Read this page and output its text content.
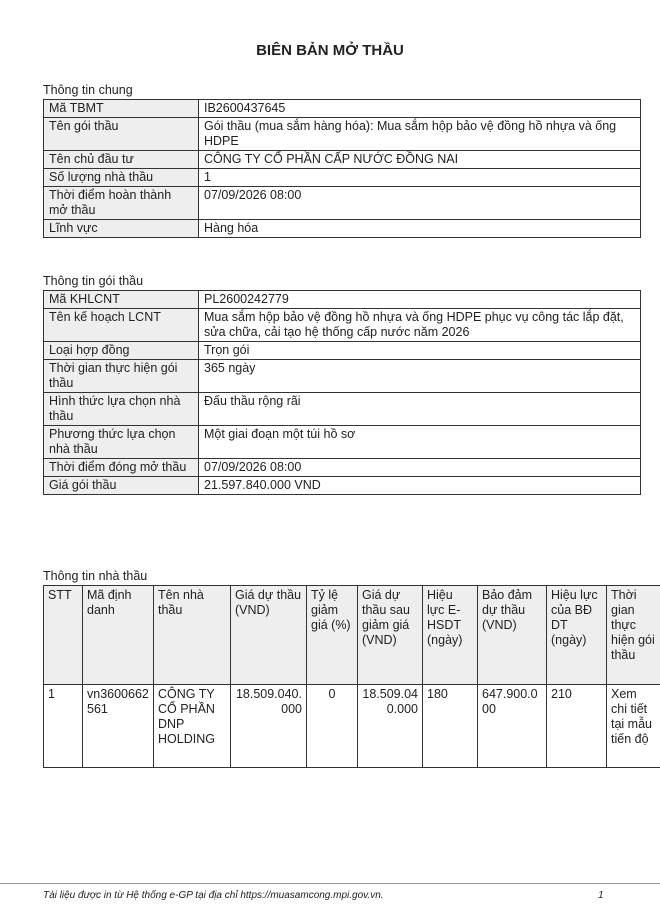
BIÊN BẢN MỞ THẦU
Thông tin chung
Mã TBMT	IB2600437645
Tên gói thầu	Gói thầu (mua sắm hàng hóa): Mua sắm hộp bảo vệ đồng hồ nhựa và ống HDPE
Tên chủ đầu tư	CÔNG TY CỔ PHẦN CẤP NƯỚC ĐỒNG NAI
Số lượng nhà thầu	1
Thời điểm hoàn thành mở thầu	07/09/2026 08:00
Lĩnh vực	Hàng hóa
Thông tin gói thầu
Mã KHLCNT	PL2600242779
Tên kế hoạch LCNT	Mua sắm hộp bảo vệ đồng hồ nhựa và ống HDPE phục vụ công tác lắp đặt, sửa chữa, cải tạo hệ thống cấp nước năm 2026
Loại hợp đồng	Trọn gói
Thời gian thực hiện gói thầu	365 ngày
Hình thức lựa chọn nhà thầu	Đấu thầu rộng rãi
Phương thức lựa chọn nhà thầu	Một giai đoạn một túi hồ sơ
Thời điểm đóng mở thầu	07/09/2026 08:00
Giá gói thầu	21.597.840.000 VND
Thông tin nhà thầu
STT	Mã định danh	Tên nhà thầu	Giá dự thầu (VND)	Tỷ lệ giảm giá (%)	Giá dự thầu sau giảm giá (VND)	Hiệu lực E-HSDT (ngày)	Bảo đảm dự thầu (VND)	Hiệu lực của BĐ DT (ngày)	Thời gian thực hiện gói thầu
1	vn3600662561	CÔNG TY CỔ PHẦN DNP HOLDING	18.509.040.000	0	18.509.040.000	180	647.900.000	210	Xem chi tiết tại mẫu tiến độ
Tài liệu được in từ Hệ thống e-GP tại địa chỉ https://muasamcong.mpi.gov.vn.	1
